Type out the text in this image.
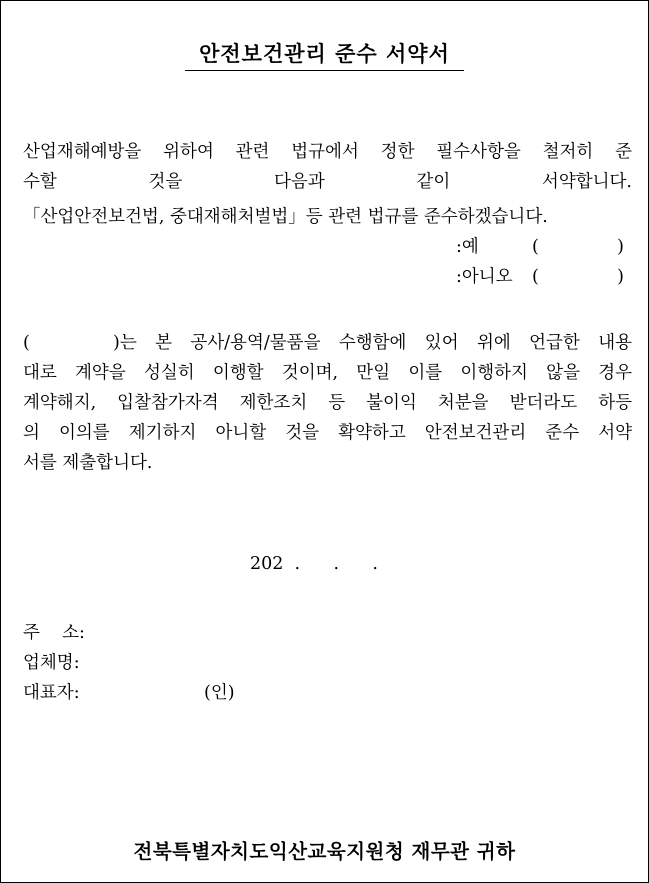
안전보건관리 준수 서약서
산업재해예방을 위하여 관련 법규에서 정한 필수사항을 철저히 준
수할 것을 다음과 같이 서약합니다.
「산업안전보건법, 중대재해처벌법」등 관련 법규를 준수하겠습니다.
:예	(	)
:아니오 (	)
(	)는 본 공사/용역/물품을 수행함에 있어 위에 언급한 내용
대로 계약을 성실히 이행할 것이며, 만일 이를 이행하지 않을 경우
계약해지, 입찰참가자격 제한조치 등 불이익 처분을 받더라도 하등
의 이의를 제기하지 아니할 것을 확약하고 안전보건관리 준수 서약
서를 제출합니다.
202  .      .      .
주    소:
업체명:
대표자:	(인)
전북특별자치도익산교육지원청 재무관 귀하
